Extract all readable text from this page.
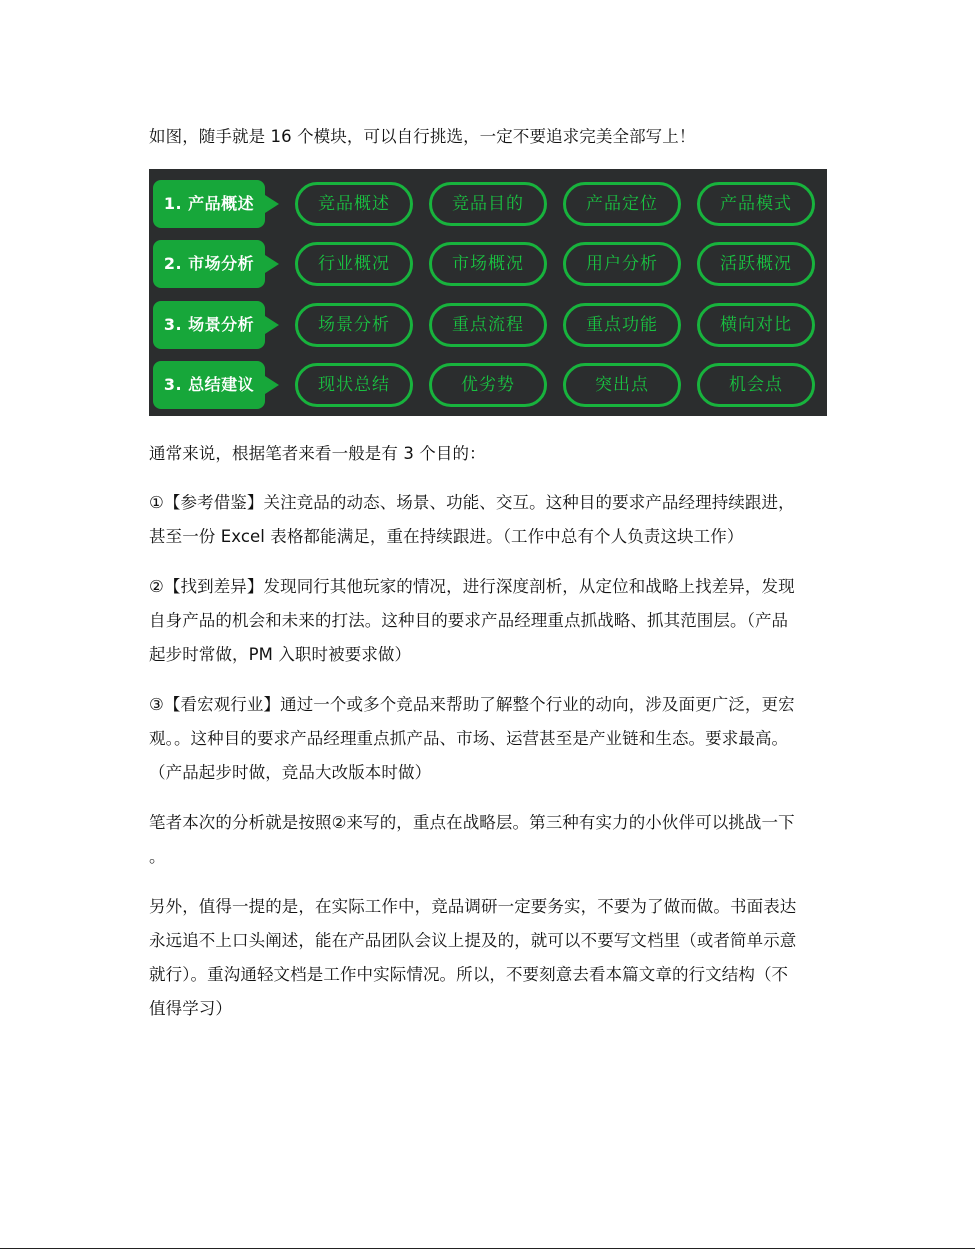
如图，随手就是 16 个模块，可以自行挑选，一定不要追求完美全部写上！

1. 产品概述	竞品概述	竞品目的	产品定位	产品模式
2. 市场分析	行业概况	市场概况	用户分析	活跃概况
3. 场景分析	场景分析	重点流程	重点功能	横向对比
3. 总结建议	现状总结	优劣势	突出点	机会点

通常来说，根据笔者来看一般是有 3 个目的：

①【参考借鉴】关注竞品的动态、场景、功能、交互。这种目的要求产品经理持续跟进，
甚至一份 Excel 表格都能满足，重在持续跟进。（工作中总有个人负责这块工作）

②【找到差异】发现同行其他玩家的情况，进行深度剖析，从定位和战略上找差异，发现
自身产品的机会和未来的打法。这种目的要求产品经理重点抓战略、抓其范围层。（产品
起步时常做，PM 入职时被要求做）

③【看宏观行业】通过一个或多个竞品来帮助了解整个行业的动向，涉及面更广泛，更宏
观。。这种目的要求产品经理重点抓产品、市场、运营甚至是产业链和生态。要求最高。
（产品起步时做，竞品大改版本时做）

笔者本次的分析就是按照②来写的，重点在战略层。第三种有实力的小伙伴可以挑战一下
。

另外，值得一提的是，在实际工作中，竞品调研一定要务实，不要为了做而做。书面表达
永远追不上口头阐述，能在产品团队会议上提及的，就可以不要写文档里（或者简单示意
就行）。重沟通轻文档是工作中实际情况。所以，不要刻意去看本篇文章的行文结构（不
值得学习）
